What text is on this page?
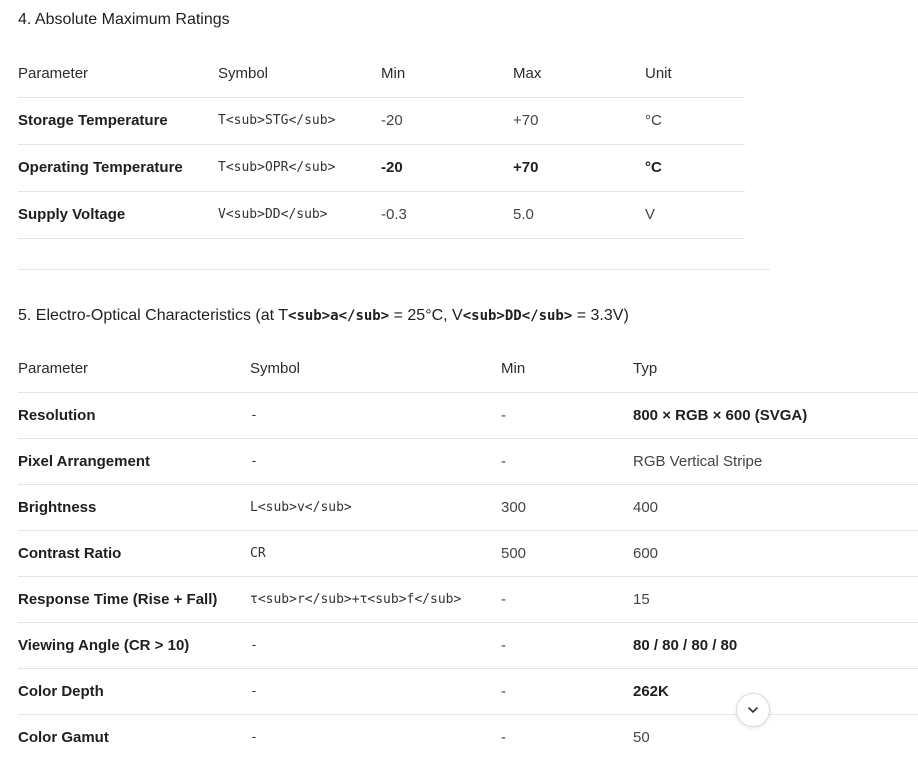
4. Absolute Maximum Ratings
Parameter	Symbol	Min	Max	Unit
Storage Temperature	T<sub>STG</sub>	-20	+70	°C
Operating Temperature	T<sub>OPR</sub>	-20	+70	°C
Supply Voltage	V<sub>DD</sub>	-0.3	5.0	V
5. Electro-Optical Characteristics (at T<sub>a</sub> = 25°C, V<sub>DD</sub> = 3.3V)
Parameter	Symbol	Min	Typ
Resolution	-	-	800 × RGB × 600 (SVGA)
Pixel Arrangement	-	-	RGB Vertical Stripe
Brightness	L<sub>v</sub>	300	400
Contrast Ratio	CR	500	600
Response Time (Rise + Fall)	τ<sub>r</sub>+τ<sub>f</sub>	-	15
Viewing Angle (CR > 10)	-	-	80 / 80 / 80 / 80
Color Depth	-	-	262K
Color Gamut	-	-	50
